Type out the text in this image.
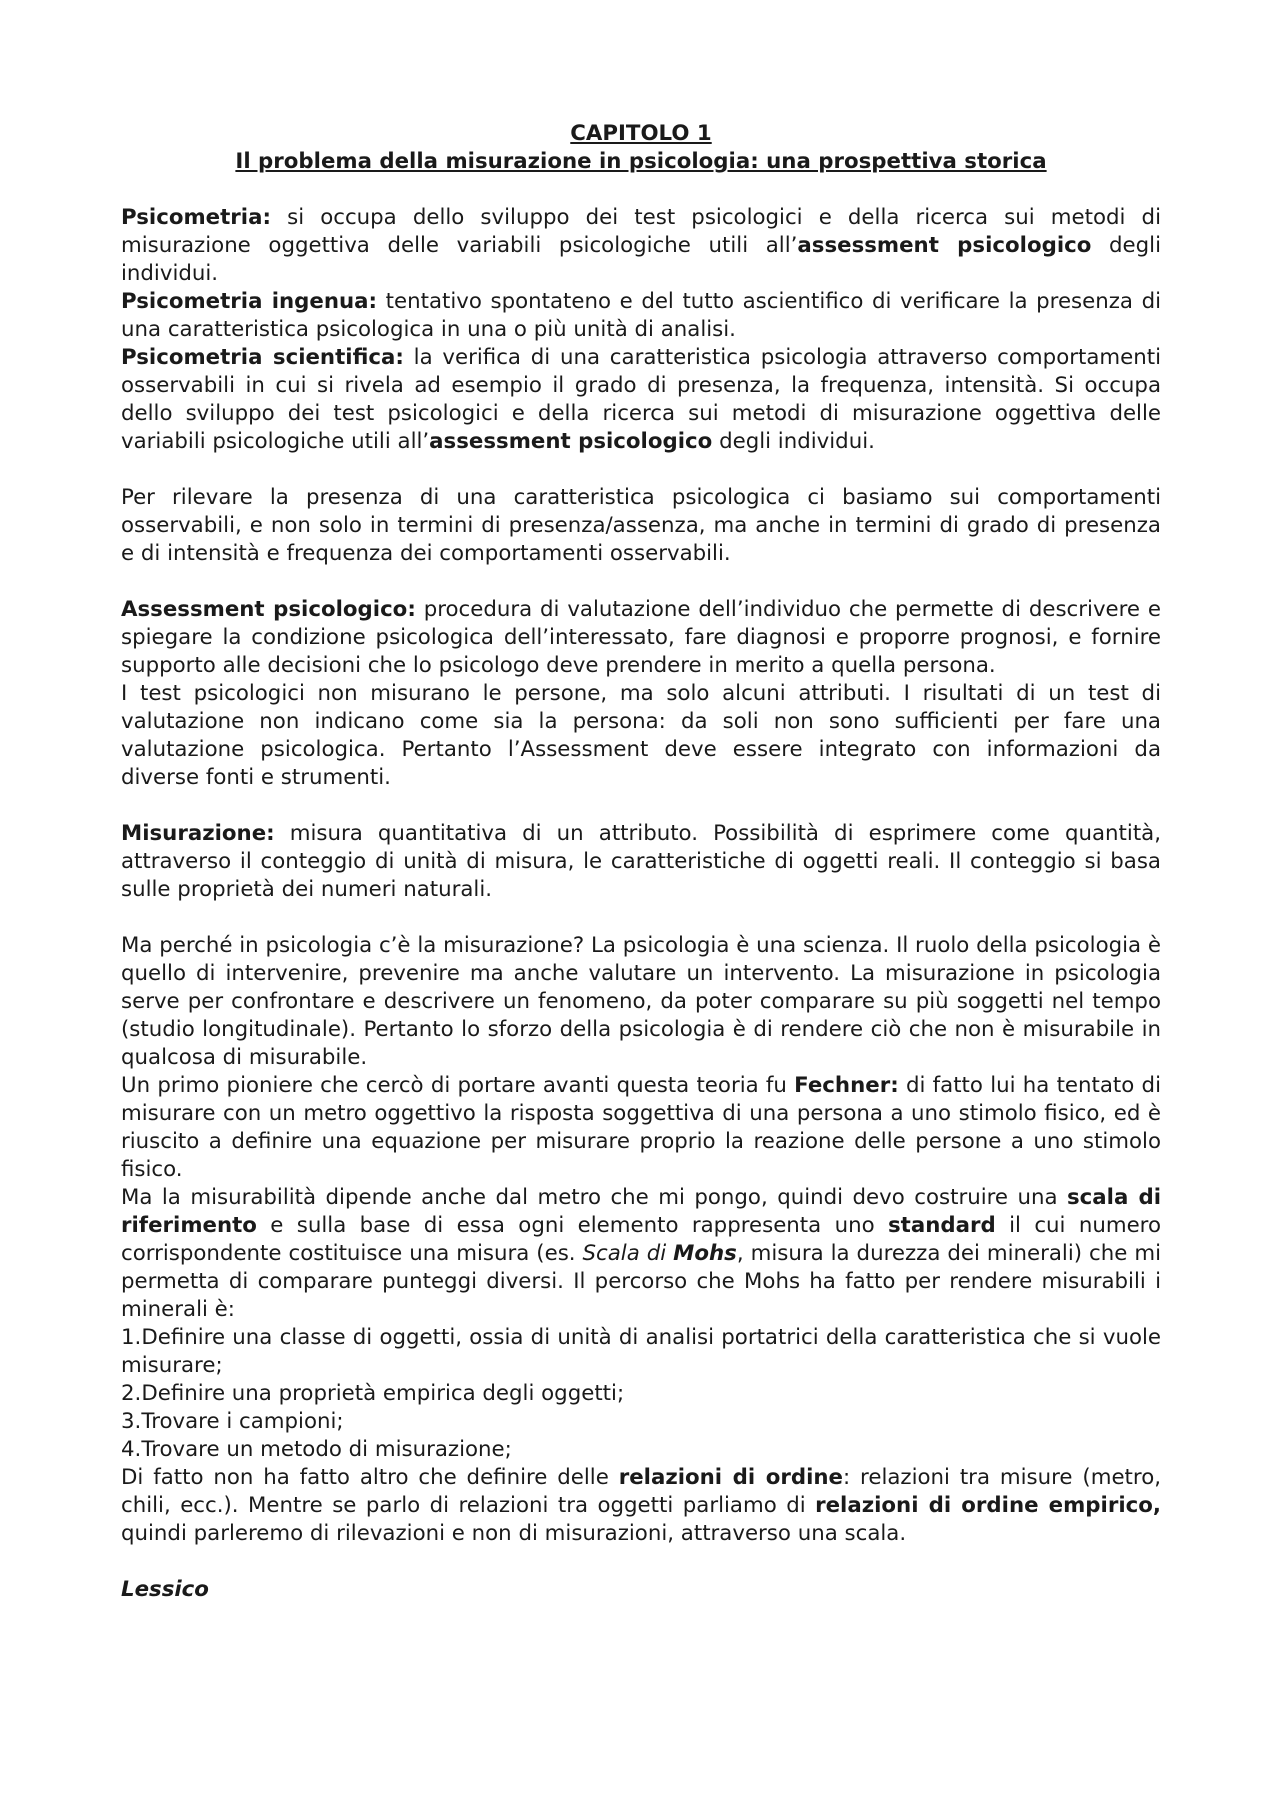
CAPITOLO 1

Il problema della misurazione in psicologia: una prospettiva storica

Psicometria: si occupa dello sviluppo dei test psicologici e della ricerca sui metodi di misurazione oggettiva delle variabili psicologiche utili all’assessment psicologico degli individui.

Psicometria ingenua: tentativo spontateno e del tutto ascientifico di verificare la presenza di una caratteristica psicologica in una o più unità di analisi.

Psicometria scientifica: la verifica di una caratteristica psicologia attraverso comportamenti osservabili in cui si rivela ad esempio il grado di presenza, la frequenza, intensità. Si occupa dello sviluppo dei test psicologici e della ricerca sui metodi di misurazione oggettiva delle variabili psicologiche utili all’assessment psicologico degli individui.

Per rilevare la presenza di una caratteristica psicologica ci basiamo sui comportamenti osservabili, e non solo in termini di presenza/assenza, ma anche in termini di grado di presenza e di intensità e frequenza dei comportamenti osservabili.

Assessment psicologico: procedura di valutazione dell’individuo che permette di descrivere e spiegare la condizione psicologica dell’interessato, fare diagnosi e proporre prognosi, e fornire supporto alle decisioni che lo psicologo deve prendere in merito a quella persona.

I test psicologici non misurano le persone, ma solo alcuni attributi. I risultati di un test di valutazione non indicano come sia la persona: da soli non sono sufficienti per fare una valutazione psicologica. Pertanto l’Assessment deve essere integrato con informazioni da diverse fonti e strumenti.

Misurazione: misura quantitativa di un attributo. Possibilità di esprimere come quantità, attraverso il conteggio di unità di misura, le caratteristiche di oggetti reali. Il conteggio si basa sulle proprietà dei numeri naturali.

Ma perché in psicologia c’è la misurazione? La psicologia è una scienza. Il ruolo della psicologia è quello di intervenire, prevenire ma anche valutare un intervento. La misurazione in psicologia serve per confrontare e descrivere un fenomeno, da poter comparare su più soggetti nel tempo (studio longitudinale). Pertanto lo sforzo della psicologia è di rendere ciò che non è misurabile in qualcosa di misurabile.

Un primo pioniere che cercò di portare avanti questa teoria fu Fechner: di fatto lui ha tentato di misurare con un metro oggettivo la risposta soggettiva di una persona a uno stimolo fisico, ed è riuscito a definire una equazione per misurare proprio la reazione delle persone a uno stimolo fisico.

Ma la misurabilità dipende anche dal metro che mi pongo, quindi devo costruire una scala di riferimento e sulla base di essa ogni elemento rappresenta uno standard il cui numero corrispondente costituisce una misura (es. Scala di Mohs, misura la durezza dei minerali) che mi permetta di comparare punteggi diversi. Il percorso che Mohs ha fatto per rendere misurabili i minerali è:

1.Definire una classe di oggetti, ossia di unità di analisi portatrici della caratteristica che si vuole misurare;

2.Definire una proprietà empirica degli oggetti;

3.Trovare i campioni;

4.Trovare un metodo di misurazione;

Di fatto non ha fatto altro che definire delle relazioni di ordine: relazioni tra misure (metro, chili, ecc.). Mentre se parlo di relazioni tra oggetti parliamo di relazioni di ordine empirico, quindi parleremo di rilevazioni e non di misurazioni, attraverso una scala.

Lessico
